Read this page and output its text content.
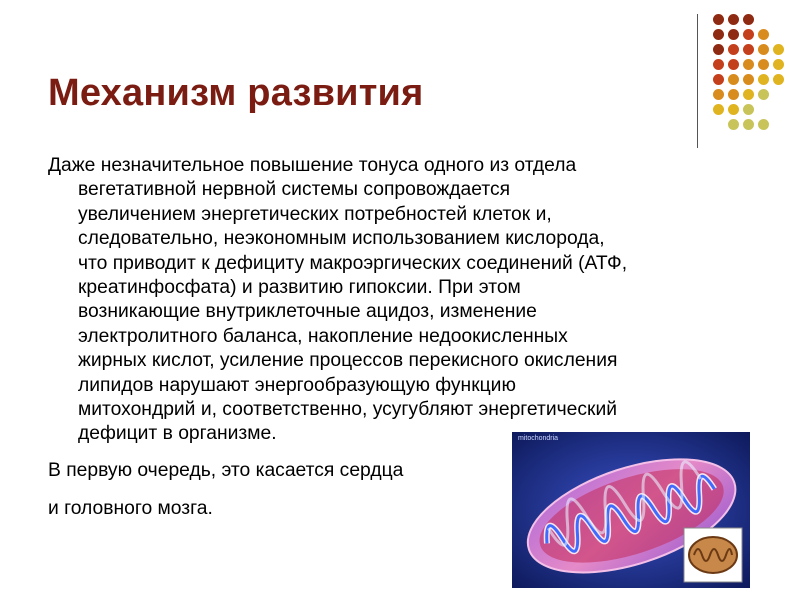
Механизм развития

Даже незначительное повышение тонуса одного из отдела
вегетативной нервной системы сопровождается
увеличением энергетических потребностей клеток и,
следовательно, неэкономным использованием кислорода,
что приводит к дефициту макроэргических соединений (АТФ,
креатинфосфата) и развитию гипоксии. При этом
возникающие внутриклеточные ацидоз, изменение
электролитного баланса, накопление недоокисленных
жирных кислот, усиление процессов перекисного окисления
липидов нарушают энергообразующую функцию
митохондрий и, соответственно, усугубляют энергетический
дефицит в организме.

В первую очередь, это касается сердца
и головного мозга.

mitochondria
